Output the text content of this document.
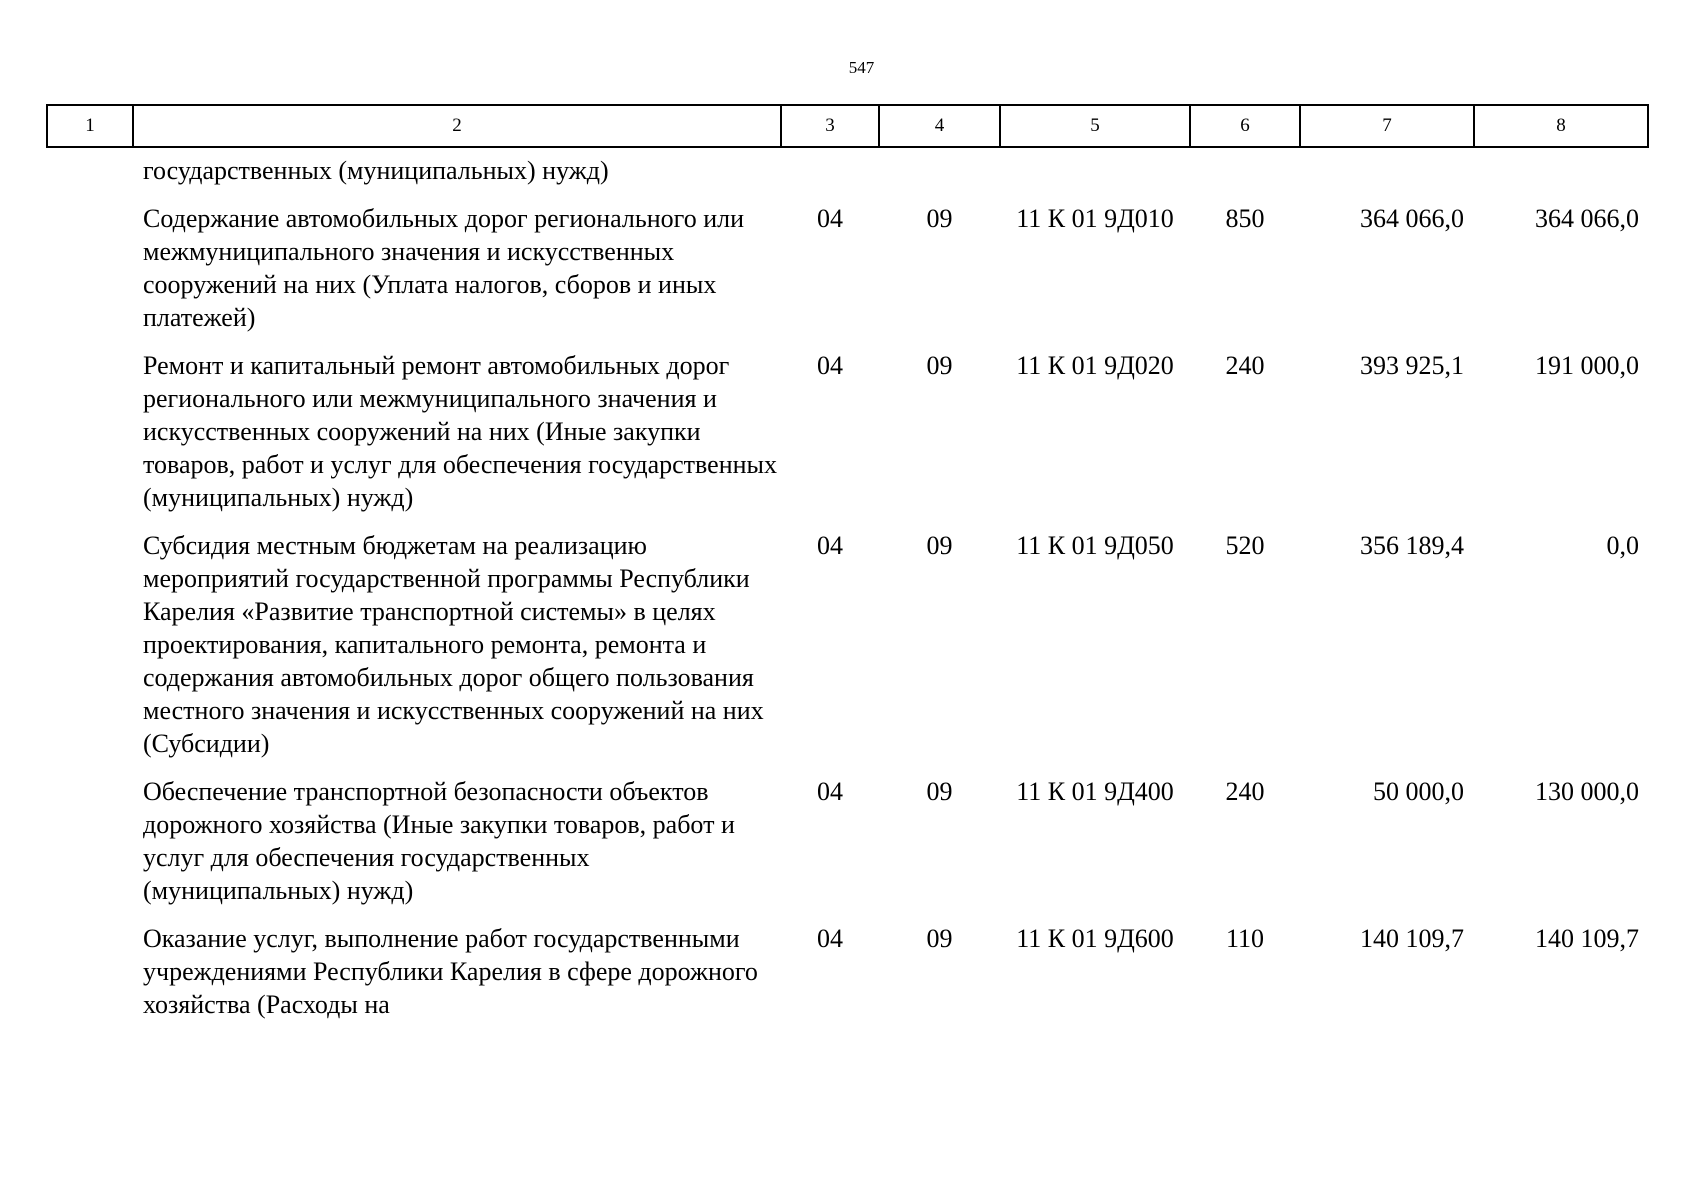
547
1	2	3	4	5	6	7	8
	государственных (муниципальных) нужд)						
	Содержание автомобильных дорог регионального или межмуниципального значения и искусственных сооружений на них (Уплата налогов, сборов и иных платежей)	04	09	11 К 01 9Д010	850	364 066,0	364 066,0
	Ремонт и капитальный ремонт автомобильных дорог регионального или межмуниципального значения и искусственных сооружений на них (Иные закупки товаров, работ и услуг для обеспечения государственных (муниципальных) нужд)	04	09	11 К 01 9Д020	240	393 925,1	191 000,0
	Субсидия местным бюджетам на реализацию мероприятий государственной программы Республики Карелия «Развитие транспортной системы» в целях проектирования, капитального ремонта, ремонта и содержания автомобильных дорог общего пользования местного значения и искусственных сооружений на них (Субсидии)	04	09	11 К 01 9Д050	520	356 189,4	0,0
	Обеспечение транспортной безопасности объектов дорожного хозяйства (Иные закупки товаров, работ и услуг для обеспечения государственных (муниципальных) нужд)	04	09	11 К 01 9Д400	240	50 000,0	130 000,0
	Оказание услуг, выполнение работ государственными учреждениями Республики Карелия в сфере дорожного хозяйства (Расходы на	04	09	11 К 01 9Д600	110	140 109,7	140 109,7
